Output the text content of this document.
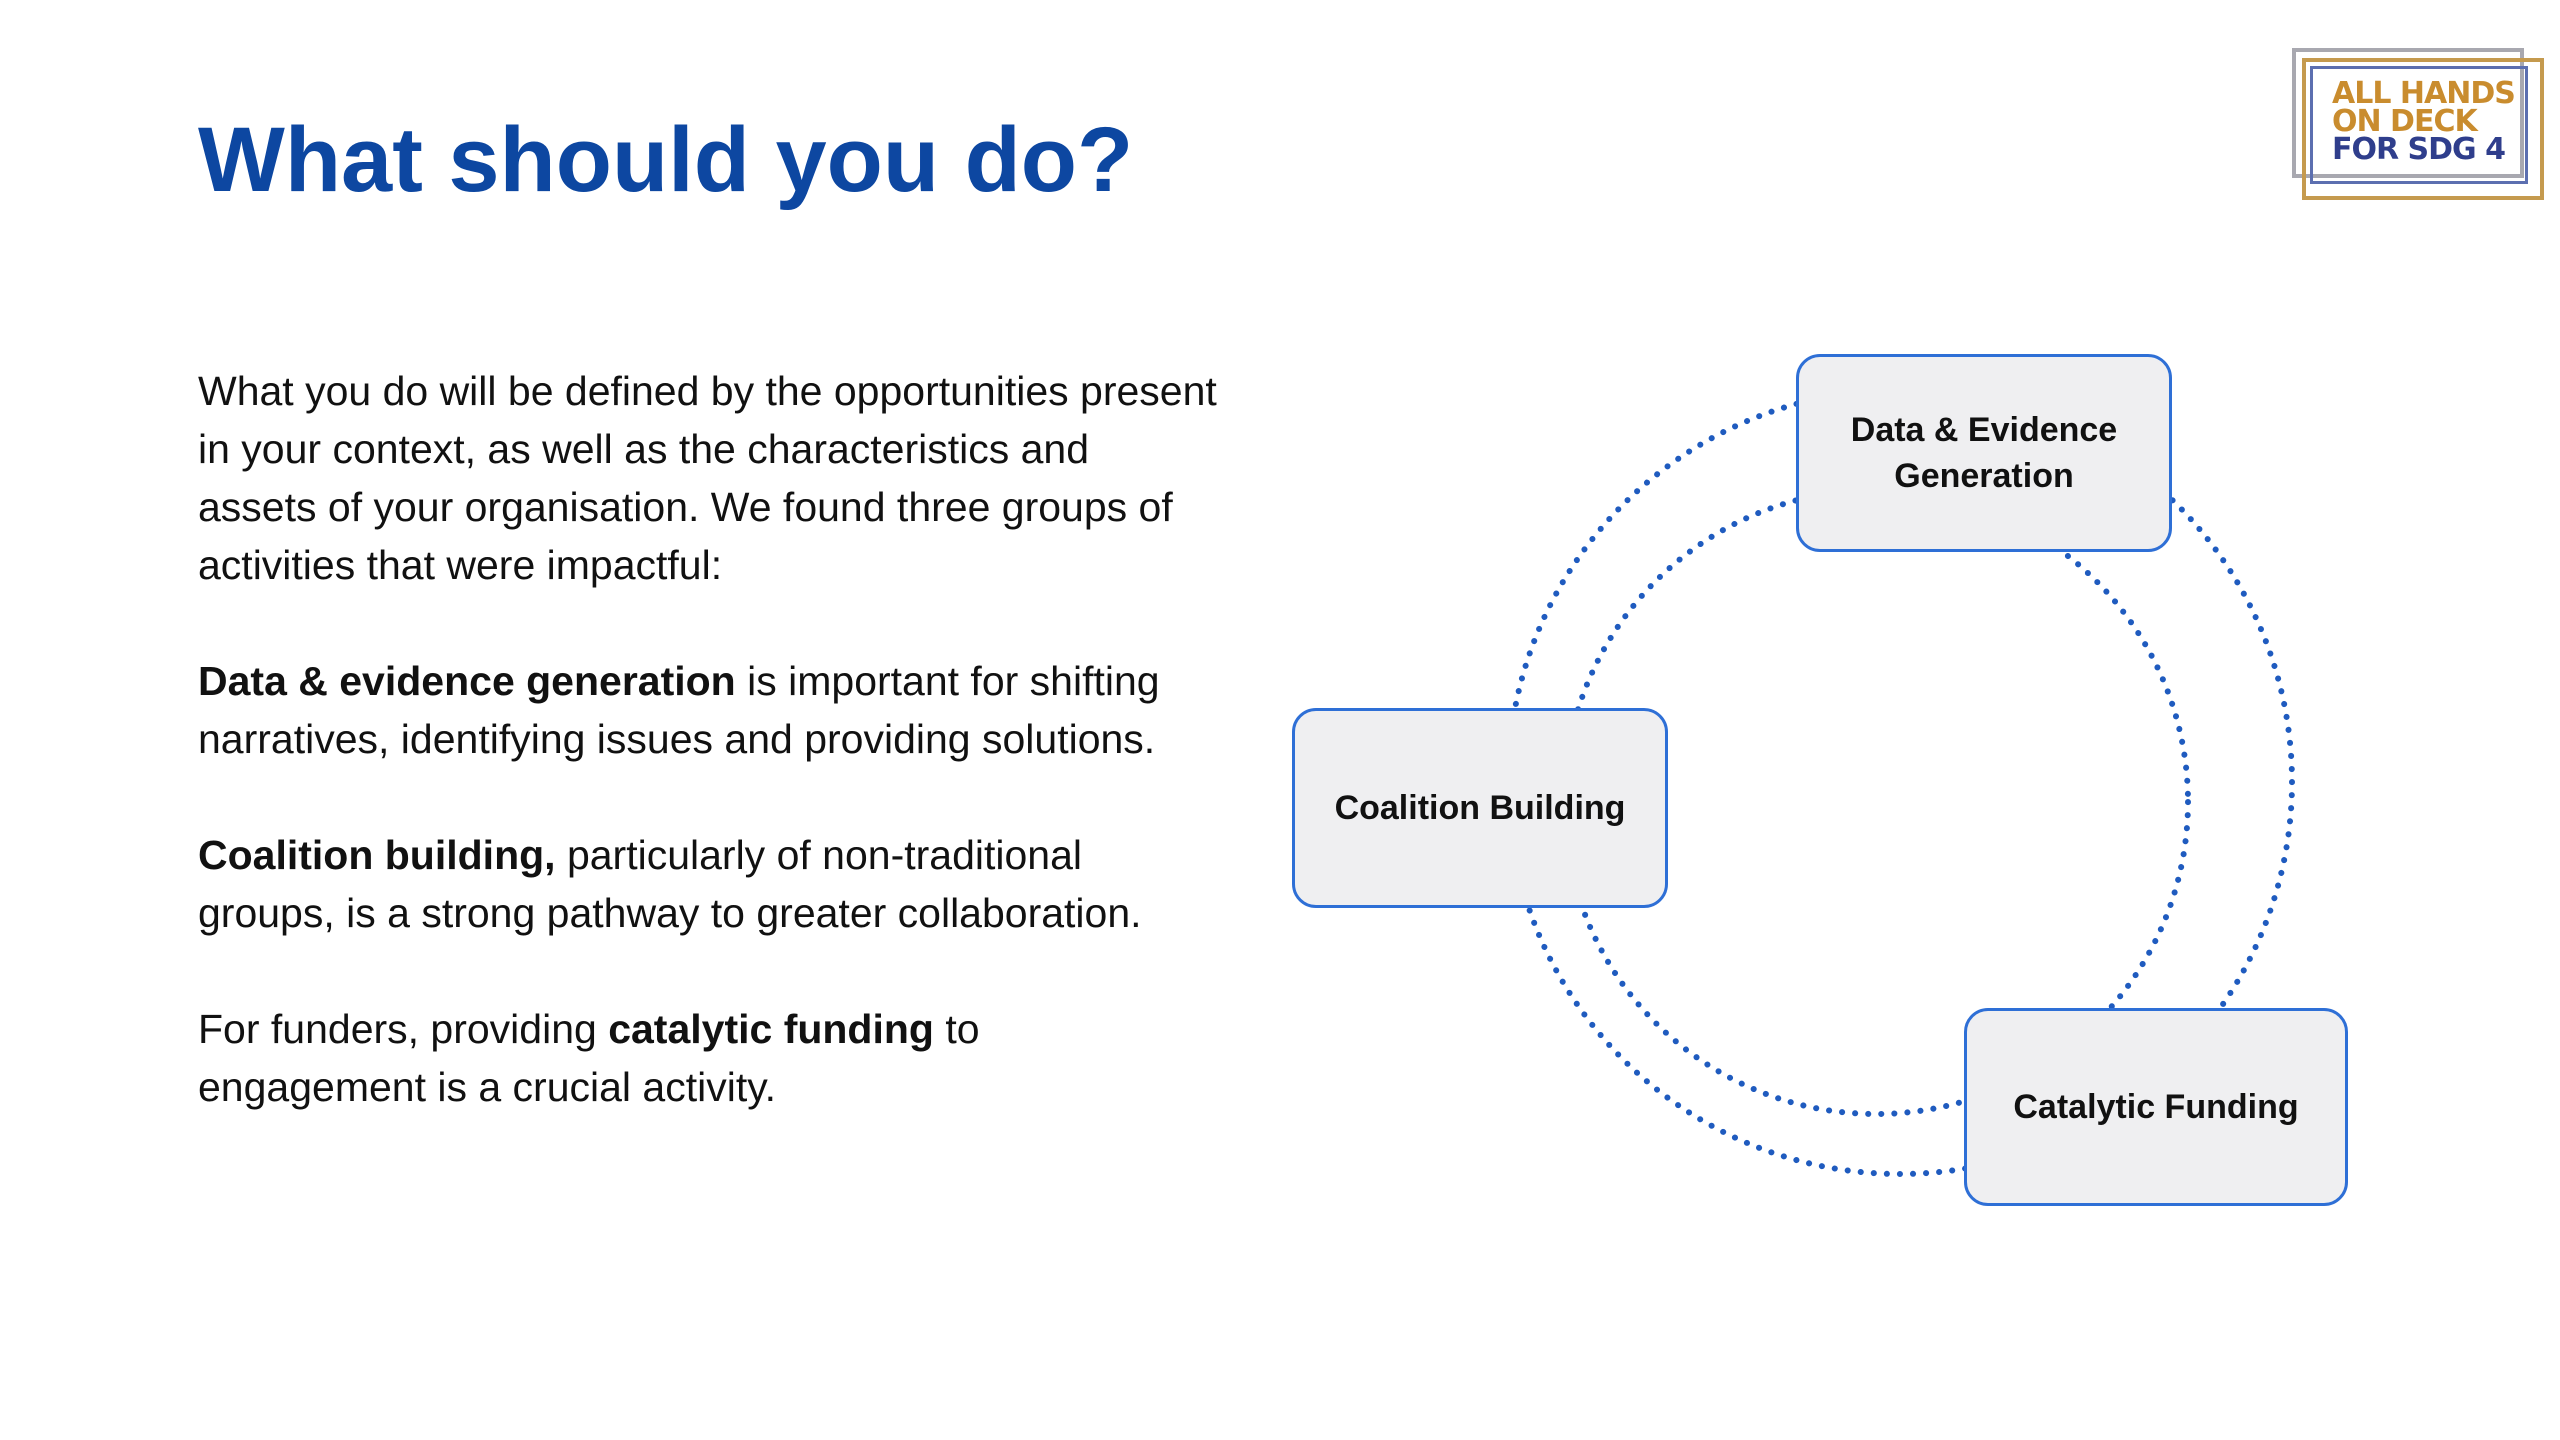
What should you do?
ALL HANDS
ON DECK
FOR SDG 4

What you do will be defined by the opportunities present in your context, as well as the characteristics and assets of your organisation. We found three groups of activities that were impactful:

Data & evidence generation is important for shifting narratives, identifying issues and providing solutions.

Coalition building, particularly of non-traditional groups, is a strong pathway to greater collaboration.

For funders, providing catalytic funding to engagement is a crucial activity.

Data & Evidence Generation
Coalition Building
Catalytic Funding
